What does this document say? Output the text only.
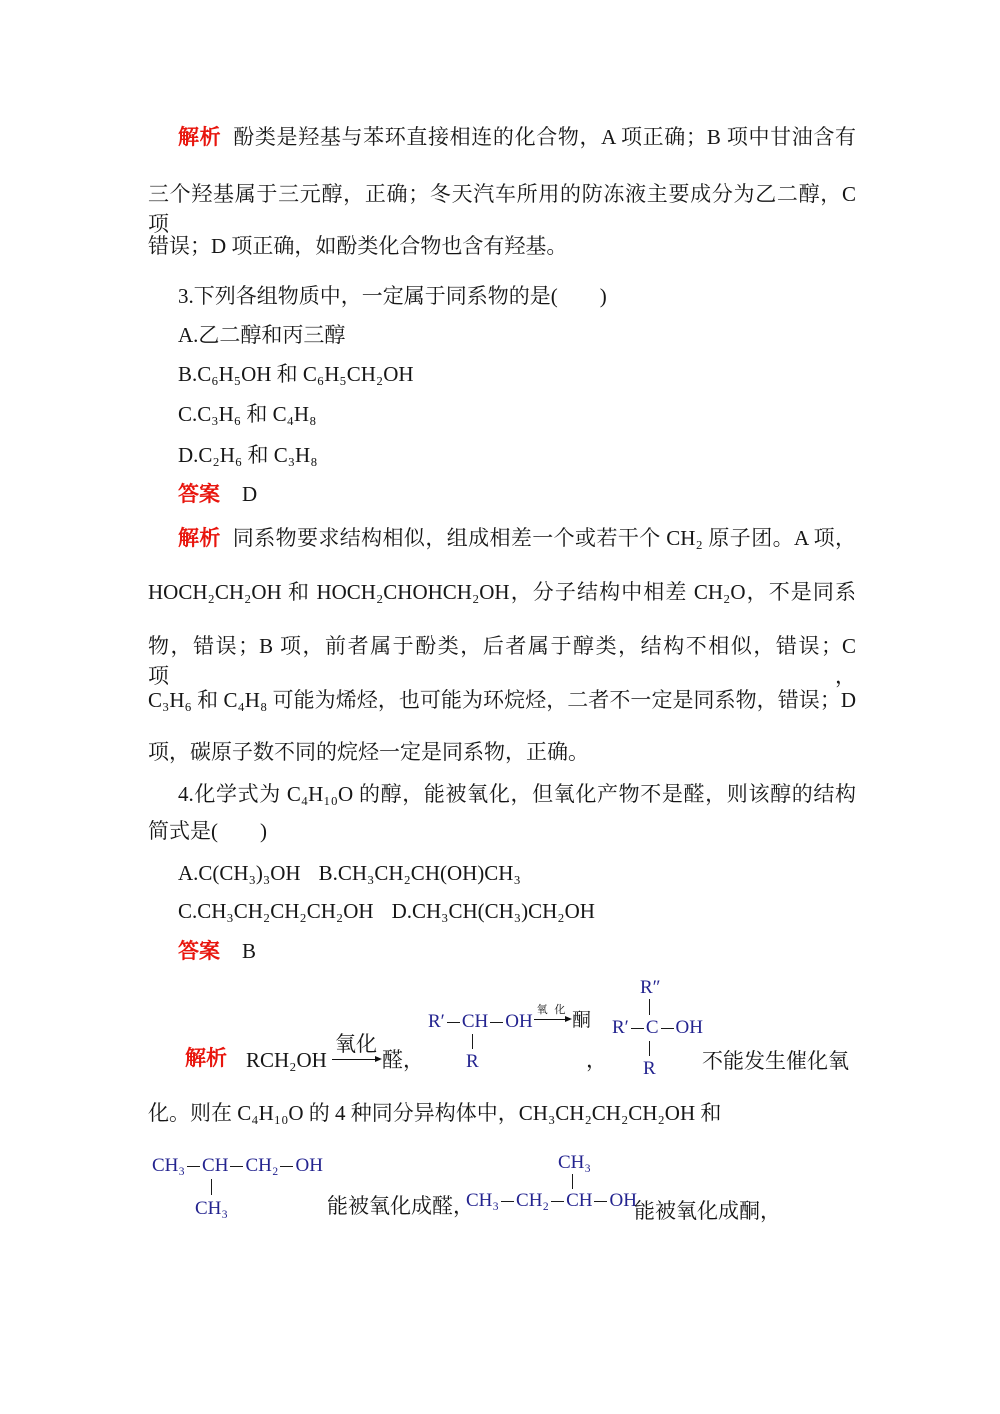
解析 酚类是羟基与苯环直接相连的化合物，A 项正确；B 项中甘油含有
三个羟基属于三元醇，正确；冬天汽车所用的防冻液主要成分为乙二醇，C 项
错误；D 项正确，如酚类化合物也含有羟基。
3.下列各组物质中，一定属于同系物的是(　　)
A.乙二醇和丙三醇
B.C₆H₅OH 和 C₆H₅CH₂OH
C.C₃H₆ 和 C₄H₈
D.C₂H₆ 和 C₃H₈
答案 D
解析 同系物要求结构相似，组成相差一个或若干个 CH₂ 原子团。A 项，
HOCH₂CH₂OH 和 HOCH₂CHOHCH₂OH，分子结构中相差 CH₂O，不是同系
物，错误；B 项，前者属于酚类，后者属于醇类，结构不相似，错误；C 项，
C₃H₆ 和 C₄H₈ 可能为烯烃，也可能为环烷烃，二者不一定是同系物，错误；D
项，碳原子数不同的烷烃一定是同系物，正确。
4.化学式为 C₄H₁₀O 的醇，能被氧化，但氧化产物不是醛，则该醇的结构
简式是(　　)
A.C(CH₃)₃OH B.CH₃CH₂CH(OH)CH₃
C.CH₃CH₂CH₂CH₂OH D.CH₃CH(CH₃)CH₂OH
答案 B
解析 RCH₂OH
氧化
醛，
R′ CH OH
R
氧 化 酮
，
R″
R′ C OH
R 不能发生催化氧
化。则在 C₄H₁₀O 的 4 种同分异构体中，CH₃CH₂CH₂CH₂OH 和
CH₃ CH CH₂ OH
CH₃	能被氧化成醛，
CH₃
CH₃ CH₂ CH OH
能被氧化成酮，
